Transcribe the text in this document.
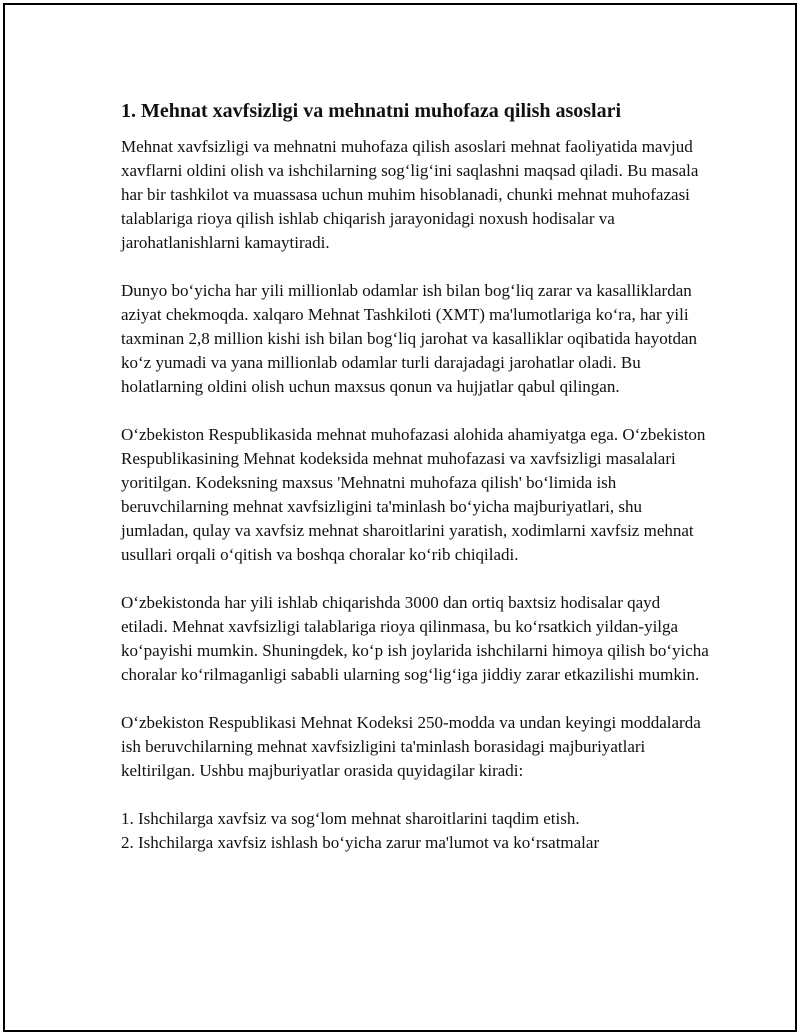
1. Mehnat xavfsizligi va mehnatni muhofaza qilish asoslari

Mehnat xavfsizligi va mehnatni muhofaza qilish asoslari mehnat faoliyatida mavjud xavflarni oldini olish va ishchilarning sog‘lig‘ini saqlashni maqsad qiladi. Bu masala har bir tashkilot va muassasa uchun muhim hisoblanadi, chunki mehnat muhofazasi talablariga rioya qilish ishlab chiqarish jarayonidagi noxush hodisalar va jarohatlanishlarni kamaytiradi.

Dunyo bo‘yicha har yili millionlab odamlar ish bilan bog‘liq zarar va kasalliklardan aziyat chekmoqda. xalqaro Mehnat Tashkiloti (XMT) ma'lumotlariga ko‘ra, har yili taxminan 2,8 million kishi ish bilan bog‘liq jarohat va kasalliklar oqibatida hayotdan ko‘z yumadi va yana millionlab odamlar turli darajadagi jarohatlar oladi. Bu holatlarning oldini olish uchun maxsus qonun va hujjatlar qabul qilingan.

O‘zbekiston Respublikasida mehnat muhofazasi alohida ahamiyatga ega. O‘zbekiston Respublikasining Mehnat kodeksida mehnat muhofazasi va xavfsizligi masalalari yoritilgan. Kodeksning maxsus 'Mehnatni muhofaza qilish' bo‘limida ish beruvchilarning mehnat xavfsizligini ta'minlash bo‘yicha majburiyatlari, shu jumladan, qulay va xavfsiz mehnat sharoitlarini yaratish, xodimlarni xavfsiz mehnat usullari orqali o‘qitish va boshqa choralar ko‘rib chiqiladi.

O‘zbekistonda har yili ishlab chiqarishda 3000 dan ortiq baxtsiz hodisalar qayd etiladi. Mehnat xavfsizligi talablariga rioya qilinmasa, bu ko‘rsatkich yildan-yilga ko‘payishi mumkin. Shuningdek, ko‘p ish joylarida ishchilarni himoya qilish bo‘yicha choralar ko‘rilmaganligi sababli ularning sog‘lig‘iga jiddiy zarar etkazilishi mumkin.

O‘zbekiston Respublikasi Mehnat Kodeksi 250-modda va undan keyingi moddalarda ish beruvchilarning mehnat xavfsizligini ta'minlash borasidagi majburiyatlari keltirilgan. Ushbu majburiyatlar orasida quyidagilar kiradi:

1. Ishchilarga xavfsiz va sog‘lom mehnat sharoitlarini taqdim etish.
2. Ishchilarga xavfsiz ishlash bo‘yicha zarur ma'lumot va ko‘rsatmalar
